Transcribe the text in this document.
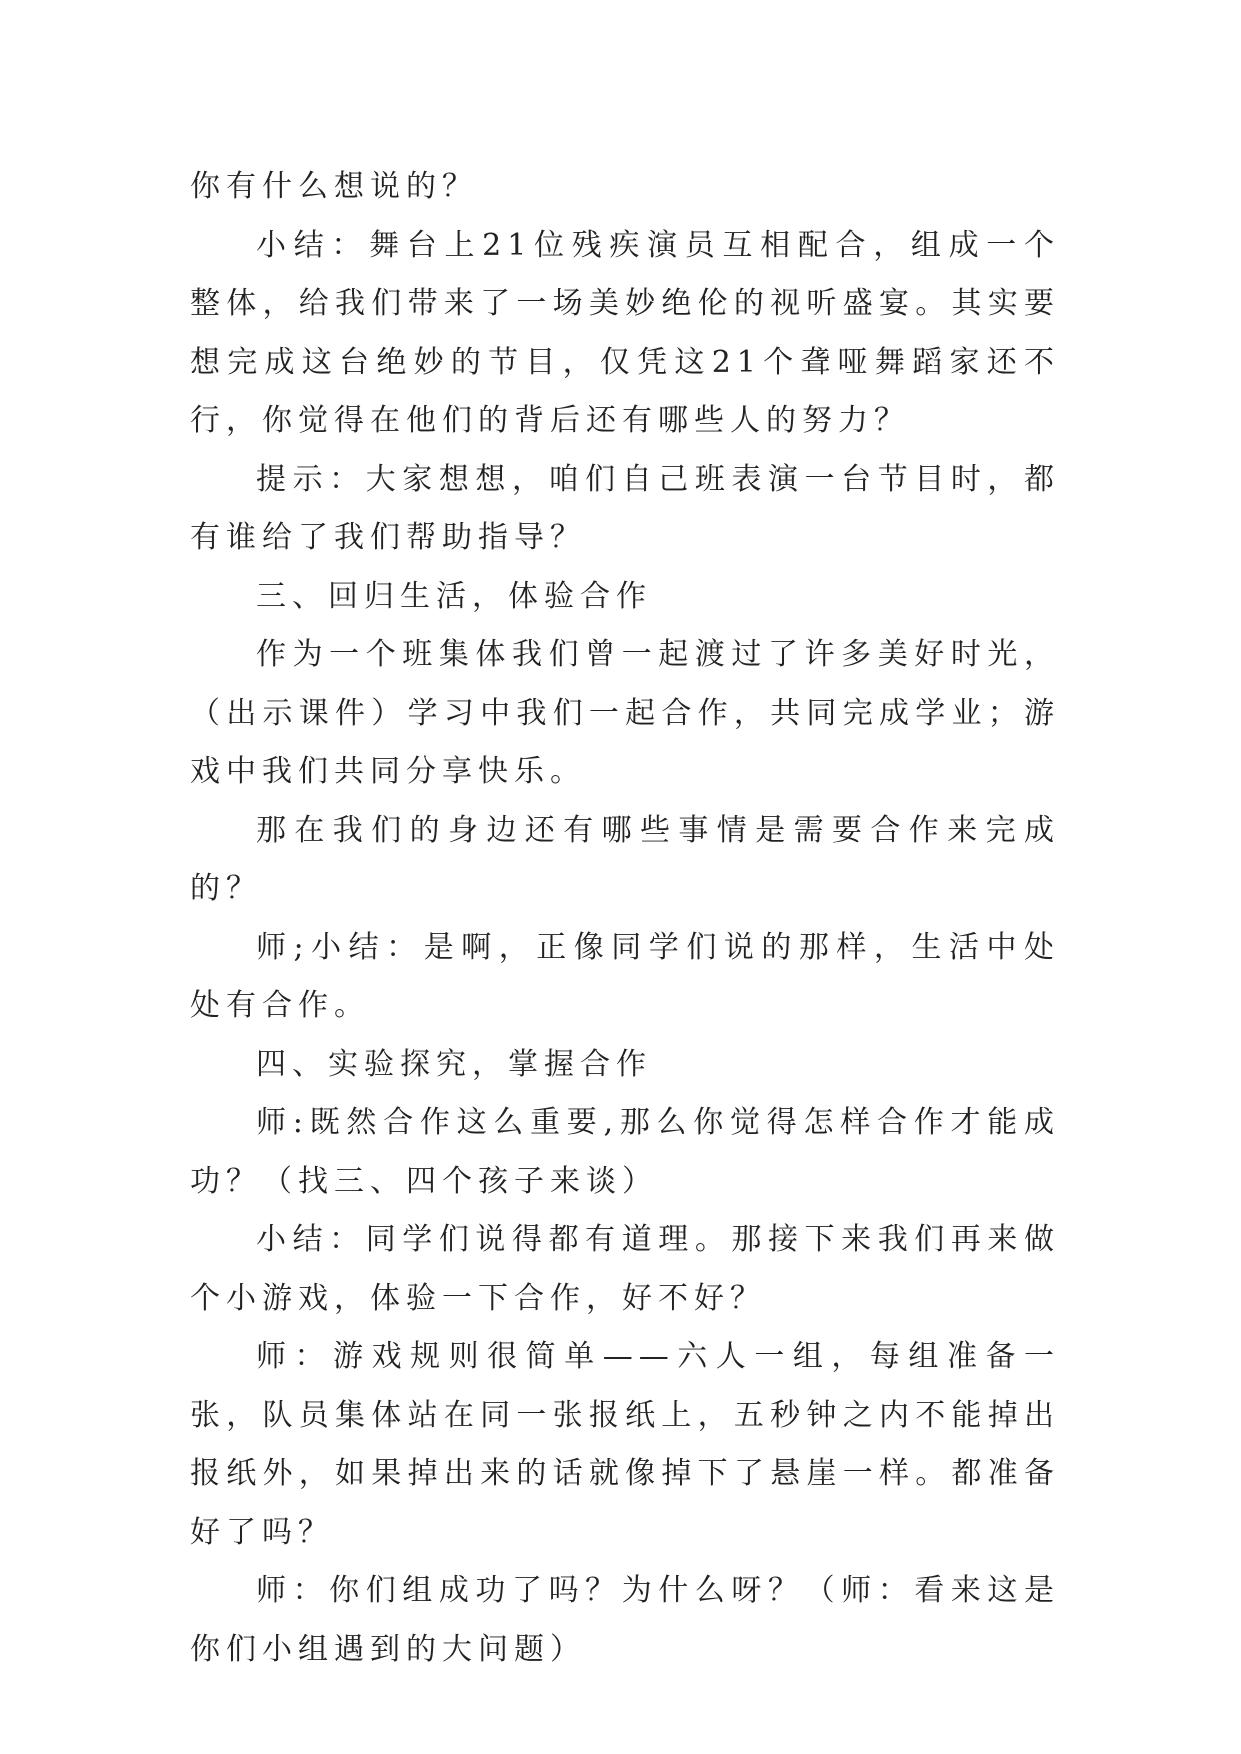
你有什么想说的？

小结：舞台上21位残疾演员互相配合，组成一个整体，给我们带来了一场美妙绝伦的视听盛宴。其实要想完成这台绝妙的节目，仅凭这21个聋哑舞蹈家还不行，你觉得在他们的背后还有哪些人的努力？

提示：大家想想，咱们自己班表演一台节目时，都有谁给了我们帮助指导？

三、回归生活，体验合作

作为一个班集体我们曾一起渡过了许多美好时光，（出示课件）学习中我们一起合作，共同完成学业；游戏中我们共同分享快乐。

那在我们的身边还有哪些事情是需要合作来完成的？

师;小结：是啊，正像同学们说的那样，生活中处处有合作。

四、实验探究，掌握合作

师:既然合作这么重要,那么你觉得怎样合作才能成功？（找三、四个孩子来谈）

小结：同学们说得都有道理。那接下来我们再来做个小游戏，体验一下合作，好不好？

师：游戏规则很简单——六人一组，每组准备一张，队员集体站在同一张报纸上，五秒钟之内不能掉出报纸外，如果掉出来的话就像掉下了悬崖一样。都准备好了吗？

师：你们组成功了吗？为什么呀？（师：看来这是你们小组遇到的大问题）
